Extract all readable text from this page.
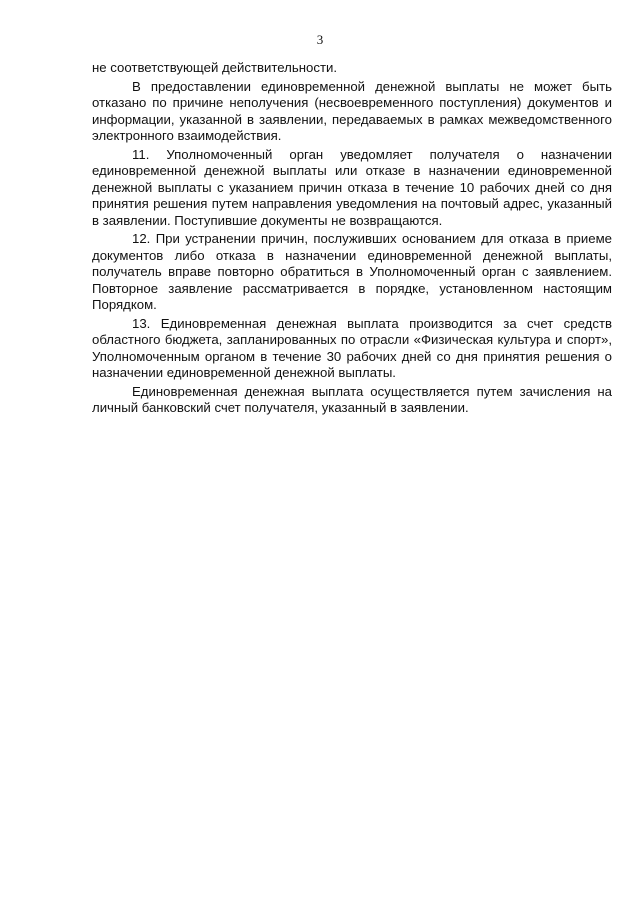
3

не соответствующей действительности.

В предоставлении единовременной денежной выплаты не может быть отказано по причине неполучения (несвоевременного поступления) документов и информации, указанной в заявлении, передаваемых в рамках межведомственного электронного взаимодействия.

11. Уполномоченный орган уведомляет получателя о назначении единовременной денежной выплаты или отказе в назначении единовременной денежной выплаты с указанием причин отказа в течение 10 рабочих дней со дня принятия решения путем направления уведомления на почтовый адрес, указанный в заявлении. Поступившие документы не возвращаются.

12. При устранении причин, послуживших основанием для отказа в приеме документов либо отказа в назначении единовременной денежной выплаты, получатель вправе повторно обратиться в Уполномоченный орган с заявлением. Повторное заявление рассматривается в порядке, установленном настоящим Порядком.

13. Единовременная денежная выплата производится за счет средств областного бюджета, запланированных по отрасли «Физическая культура и спорт», Уполномоченным органом в течение 30 рабочих дней со дня принятия решения о назначении единовременной денежной выплаты.

Единовременная денежная выплата осуществляется путем зачисления на личный банковский счет получателя, указанный в заявлении.
